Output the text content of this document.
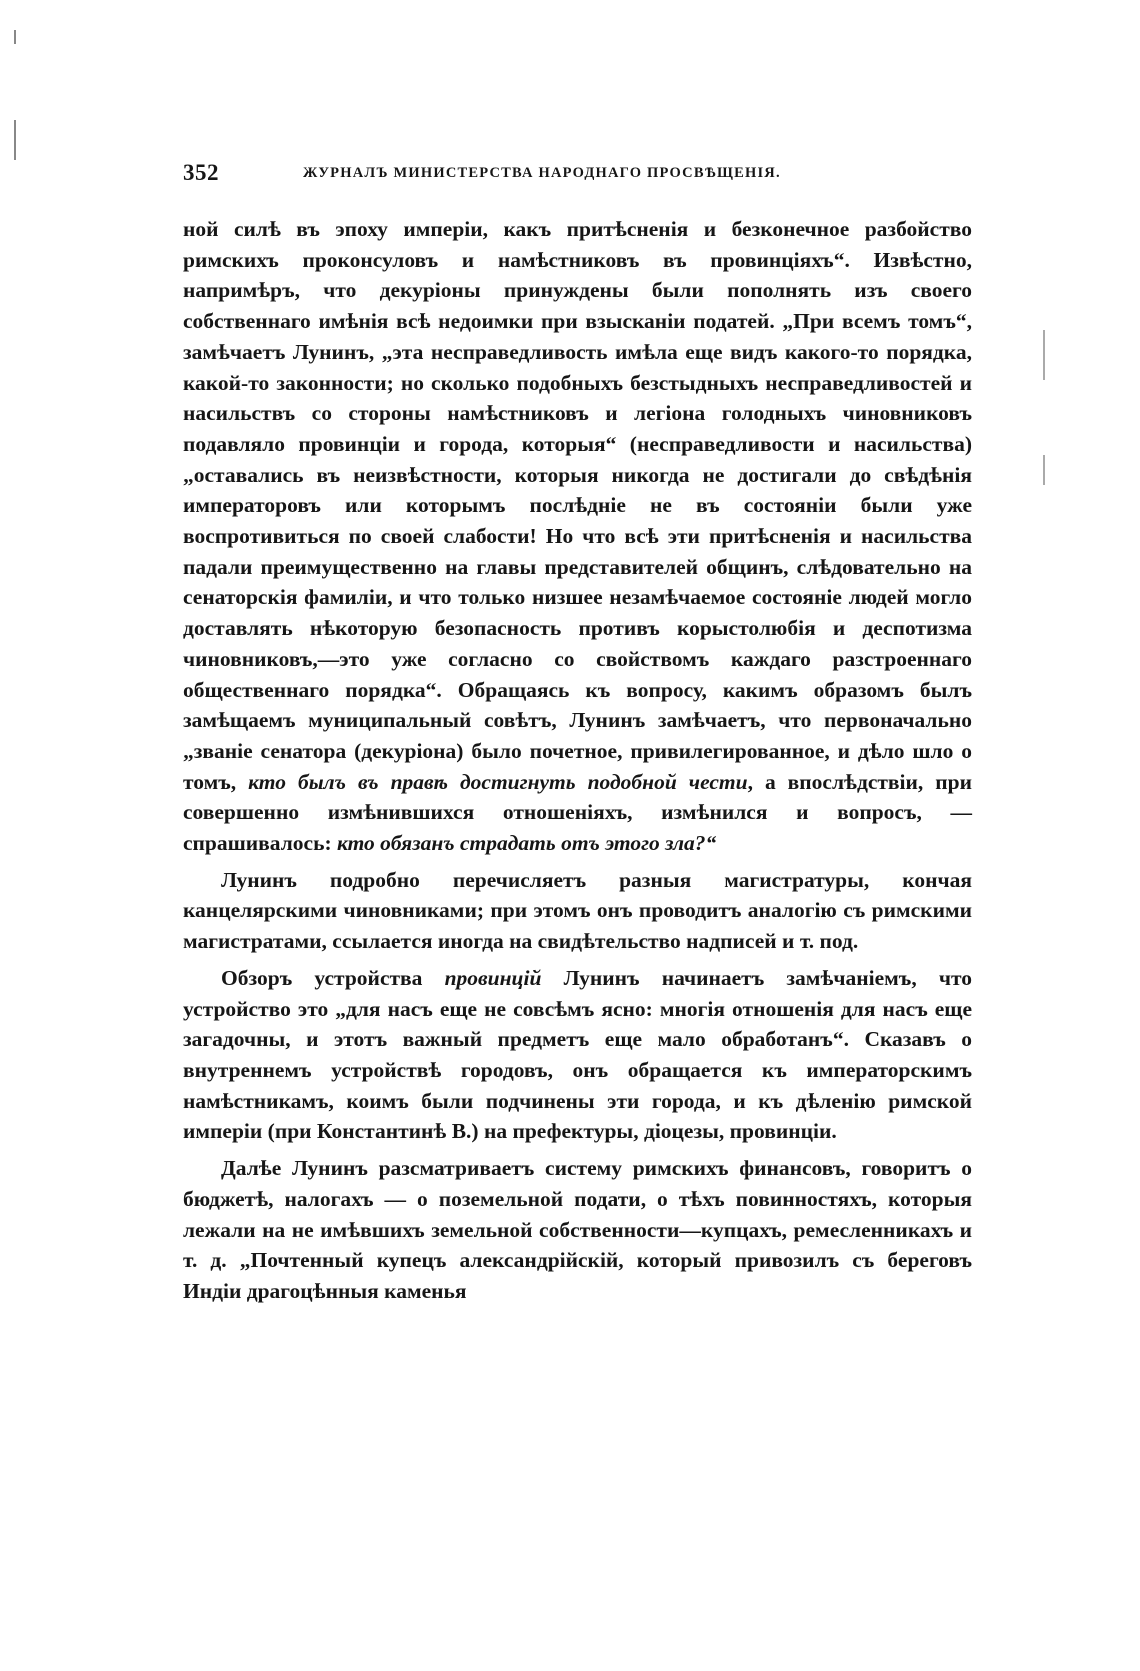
352	ЖУРНАЛЪ МИНИСТЕРСТВА НАРОДНАГО ПРОСВѢЩЕНІЯ.

ной силѣ въ эпоху имперіи, какъ притѣсненія и безконечное разбойство римскихъ проконсуловъ и намѣстниковъ въ провинціяхъ“. Извѣстно, напримѣръ, что декуріоны принуждены были пополнять изъ своего собственнаго имѣнія всѣ недоимки при взысканіи податей. „При всемъ томъ“, замѣчаетъ Лунинъ, „эта несправедливость имѣла еще видъ какого-то порядка, какой-то законности; но сколько подобныхъ безстыдныхъ несправедливостей и насильствъ со стороны намѣстниковъ и легіона голодныхъ чиновниковъ подавляло провинціи и города, которыя“ (несправедливости и насильства) „оставались въ неизвѣстности, которыя никогда не достигали до свѣдѣнія императоровъ или которымъ послѣдніе не въ состояніи были уже воспротивиться по своей слабости! Но что всѣ эти притѣсненія и насильства падали преимущественно на главы представителей общинъ, слѣдовательно на сенаторскія фамиліи, и что только низшее незамѣчаемое состояніе людей могло доставлять нѣкоторую безопасность противъ корыстолюбія и деспотизма чиновниковъ,—это уже согласно со свойствомъ каждаго разстроеннаго общественнаго порядка“. Обращаясь къ вопросу, какимъ образомъ былъ замѣщаемъ муниципальный совѣтъ, Лунинъ замѣчаетъ, что первоначально „званіе сенатора (декуріона) было почетное, привилегированное, и дѣло шло о томъ, кто былъ въ правѣ достигнуть подобной чести, а впослѣдствіи, при совершенно измѣнившихся отношеніяхъ, измѣнился и вопросъ, — спрашивалось: кто обязанъ страдать отъ этого зла?“

Лунинъ подробно перечисляетъ разныя магистратуры, кончая канцелярскими чиновниками; при этомъ онъ проводитъ аналогію съ римскими магистратами, ссылается иногда на свидѣтельство надписей и т. под.

Обзоръ устройства провинцій Лунинъ начинаетъ замѣчаніемъ, что устройство это „для насъ еще не совсѣмъ ясно: многія отношенія для насъ еще загадочны, и этотъ важный предметъ еще мало обработанъ“. Сказавъ о внутреннемъ устройствѣ городовъ, онъ обращается къ императорскимъ намѣстникамъ, коимъ были подчинены эти города, и къ дѣленію римской имперіи (при Константинѣ В.) на префектуры, діоцезы, провинціи.

Далѣе Лунинъ разсматриваетъ систему римскихъ финансовъ, говоритъ о бюджетѣ, налогахъ — о поземельной подати, о тѣхъ повинностяхъ, которыя лежали на не имѣвшихъ земельной собственности—купцахъ, ремесленникахъ и т. д. „Почтенный купецъ александрійскій, который привозилъ съ береговъ Индіи драгоцѣнныя каменья
